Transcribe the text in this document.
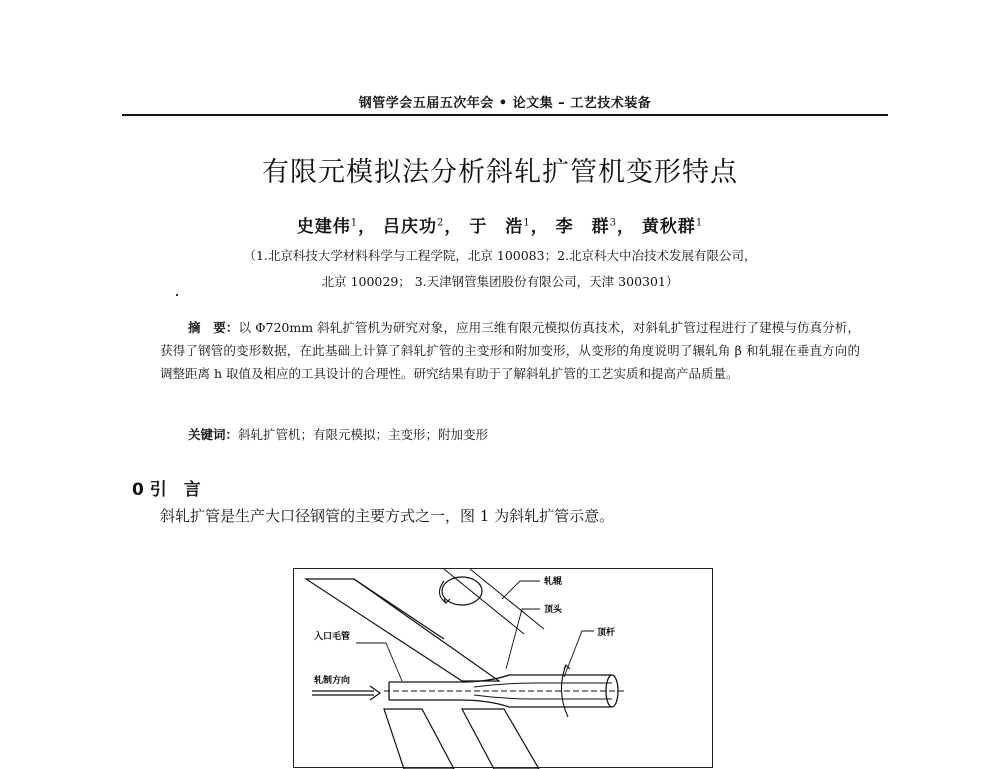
钢管学会五届五次年会 • 论文集 – 工艺技术装备
有限元模拟法分析斜轧扩管机变形特点
史建伟$^1$， 吕庆功$^2$， 于　浩$^1$， 李　群$^3$， 黄秋群$^1$
（1.北京科技大学材料科学与工程学院，北京 100083；2.北京科大中冶技术发展有限公司，
北京 100029； 3.天津钢管集团股份有限公司，天津 300301）
摘　要：以 Φ720mm 斜轧扩管机为研究对象，应用三维有限元模拟仿真技术，对斜轧扩管过程进行了建模与仿真分析，获得了钢管的变形数据，在此基础上计算了斜轧扩管的主变形和附加变形，从变形的角度说明了辗轧角 β 和轧辊在垂直方向的调整距离 h 取值及相应的工具设计的合理性。研究结果有助于了解斜轧扩管的工艺实质和提高产品质量。
关键词：斜轧扩管机；有限元模拟；主变形；附加变形
0 引　言
斜轧扩管是生产大口径钢管的主要方式之一，图 1 为斜轧扩管示意。
轧辊
顶头
顶杆
入口毛管
轧制方向
